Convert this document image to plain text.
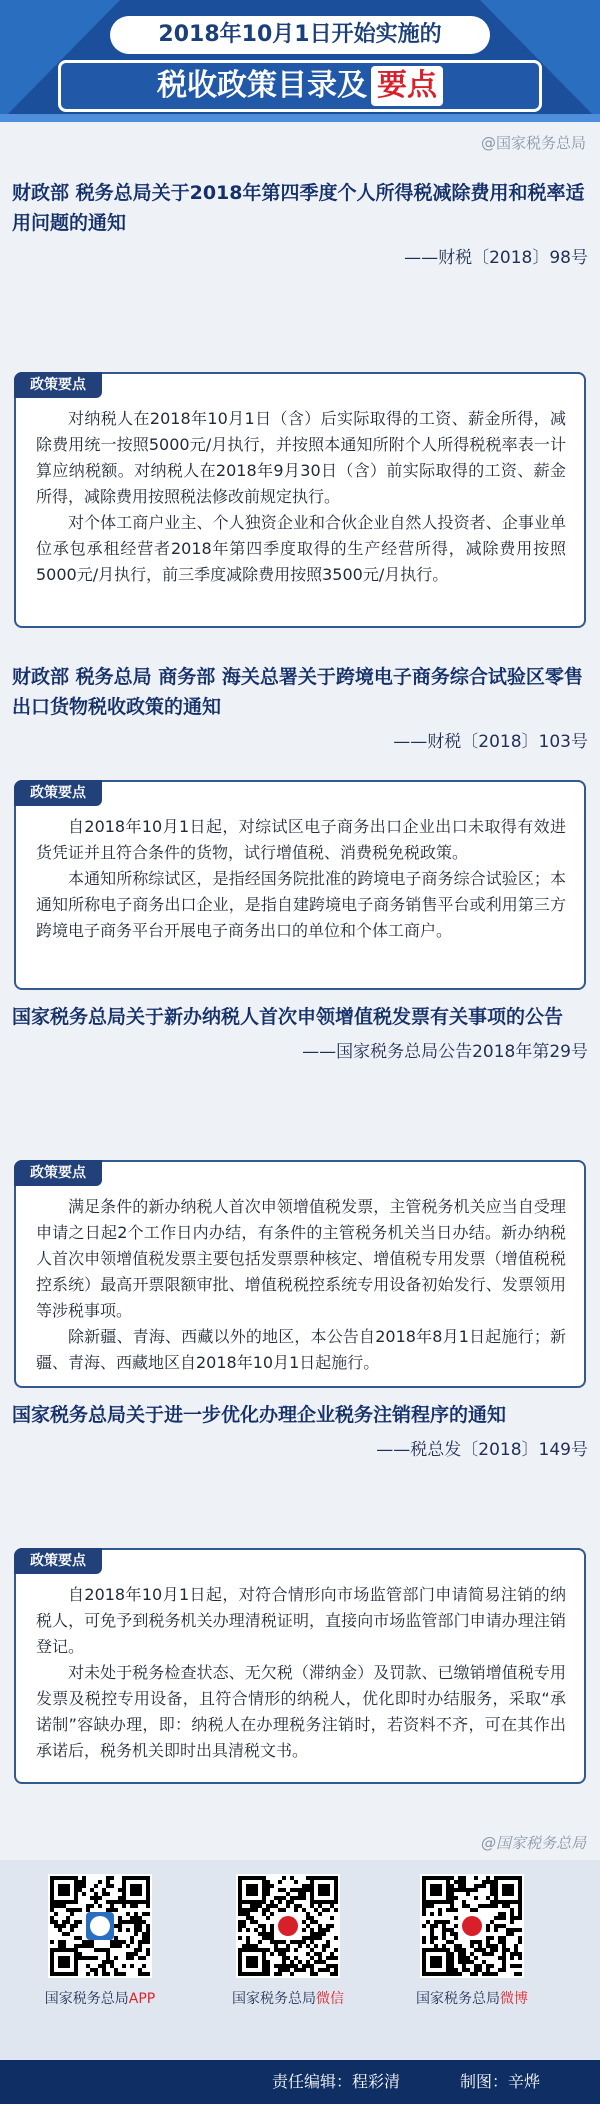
2018年10月1日开始实施的
税收政策目录及 要点
@国家税务总局
财政部 税务总局关于2018年第四季度个人所得税减除费用和税率适用问题的通知
——财税〔2018〕98号
政策要点

对纳税人在2018年10月1日（含）后实际取得的工资、薪金所得，减除费用统一按照5000元/月执行，并按照本通知所附个人所得税税率表一计算应纳税额。对纳税人在2018年9月30日（含）前实际取得的工资、薪金所得，减除费用按照税法修改前规定执行。

对个体工商户业主、个人独资企业和合伙企业自然人投资者、企事业单位承包承租经营者2018年第四季度取得的生产经营所得，减除费用按照5000元/月执行，前三季度减除费用按照3500元/月执行。

财政部 税务总局 商务部 海关总署关于跨境电子商务综合试验区零售出口货物税收政策的通知
——财税〔2018〕103号
政策要点

自2018年10月1日起，对综试区电子商务出口企业出口未取得有效进货凭证并且符合条件的货物，试行增值税、消费税免税政策。

本通知所称综试区，是指经国务院批准的跨境电子商务综合试验区；本通知所称电子商务出口企业，是指自建跨境电子商务销售平台或利用第三方跨境电子商务平台开展电子商务出口的单位和个体工商户。

国家税务总局关于新办纳税人首次申领增值税发票有关事项的公告
——国家税务总局公告2018年第29号
政策要点

满足条件的新办纳税人首次申领增值税发票，主管税务机关应当自受理申请之日起2个工作日内办结，有条件的主管税务机关当日办结。新办纳税人首次申领增值税发票主要包括发票票种核定、增值税专用发票（增值税税控系统）最高开票限额审批、增值税税控系统专用设备初始发行、发票领用等涉税事项。

除新疆、青海、西藏以外的地区，本公告自2018年8月1日起施行；新疆、青海、西藏地区自2018年10月1日起施行。

国家税务总局关于进一步优化办理企业税务注销程序的通知
——税总发〔2018〕149号
政策要点

自2018年10月1日起，对符合情形向市场监管部门申请简易注销的纳税人，可免予到税务机关办理清税证明，直接向市场监管部门申请办理注销登记。

对未处于税务检查状态、无欠税（滞纳金）及罚款、已缴销增值税专用发票及税控专用设备，且符合情形的纳税人，优化即时办结服务，采取“承诺制”容缺办理，即：纳税人在办理税务注销时，若资料不齐，可在其作出承诺后，税务机关即时出具清税文书。

@国家税务总局
国家税务总局APP	国家税务总局微信	国家税务总局微博
责任编辑：程彩清	制图：辛烨
